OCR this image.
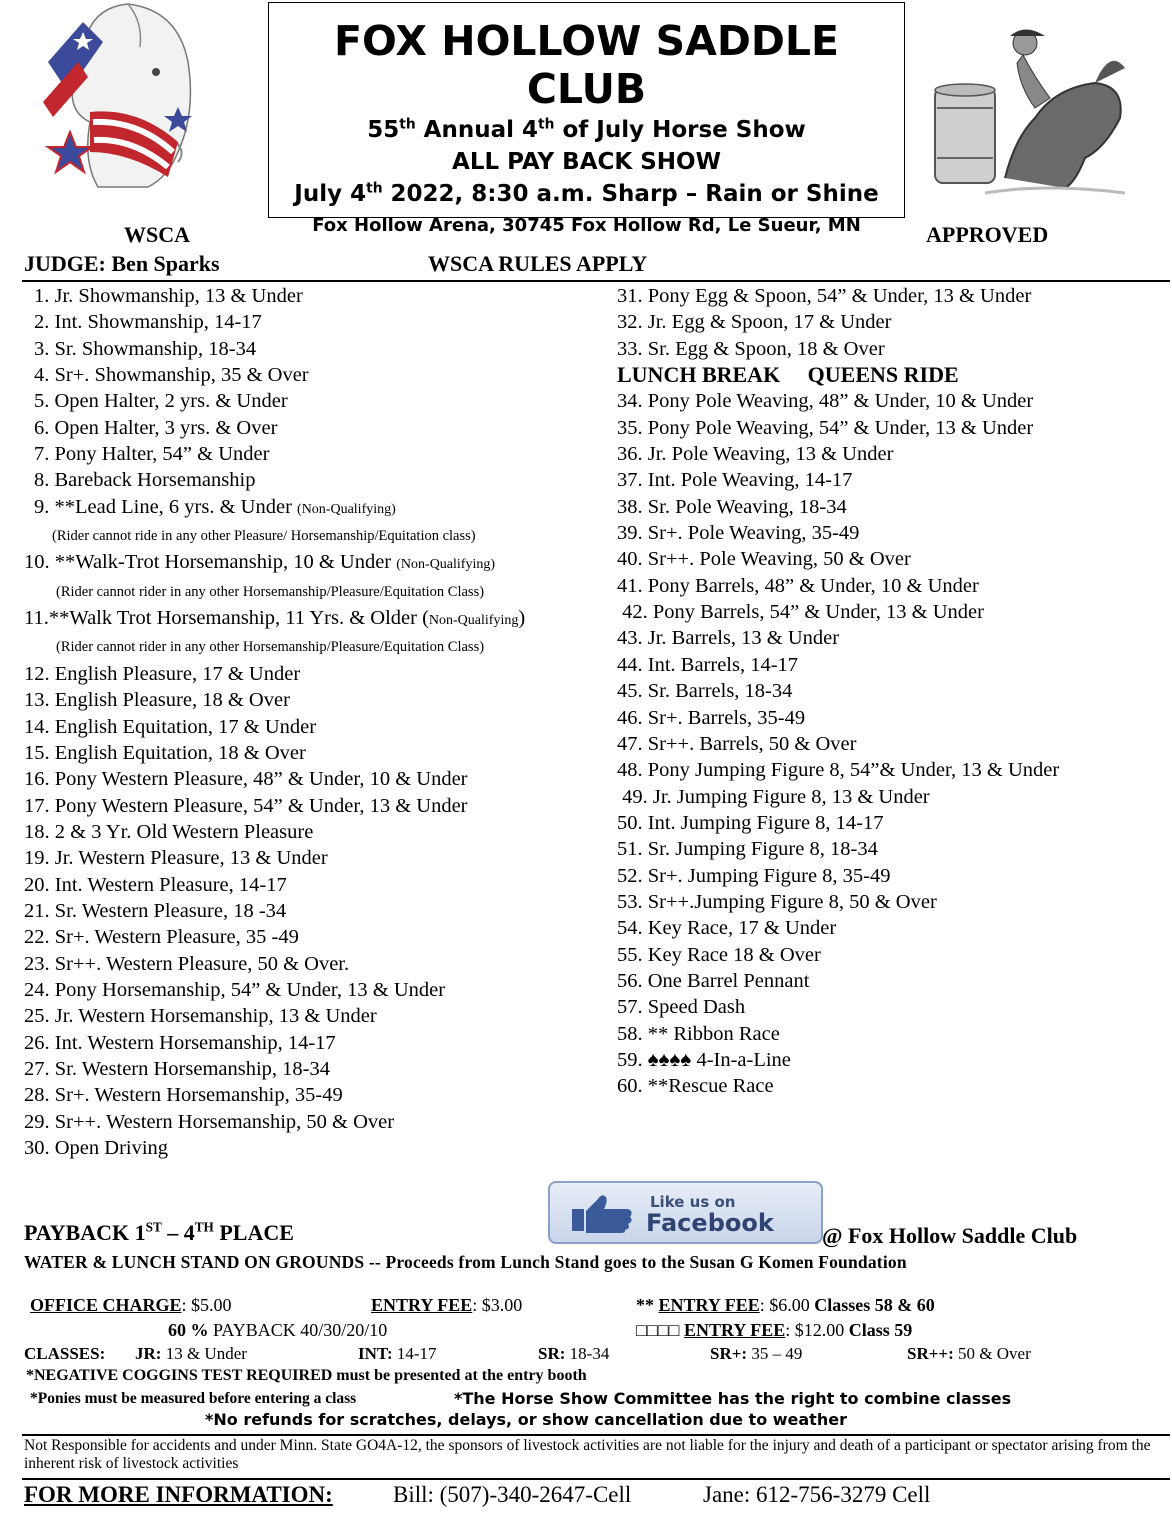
FOX HOLLOW SADDLE CLUB
55th Annual 4th of July Horse Show
ALL PAY BACK SHOW
July 4th 2022, 8:30 a.m. Sharp – Rain or Shine
Fox Hollow Arena, 30745 Fox Hollow Rd, Le Sueur, MN
WSCA	APPROVED
JUDGE: Ben Sparks	WSCA RULES APPLY
1. Jr. Showmanship, 13 & Under
2. Int. Showmanship, 14-17
3. Sr. Showmanship, 18-34
4. Sr+. Showmanship, 35 & Over
5. Open Halter, 2 yrs. & Under
6. Open Halter, 3 yrs. & Over
7. Pony Halter, 54” & Under
8. Bareback Horsemanship
9. **Lead Line, 6 yrs. & Under (Non-Qualifying)
(Rider cannot ride in any other Pleasure/ Horsemanship/Equitation class)
10. **Walk-Trot Horsemanship, 10 & Under (Non-Qualifying)
(Rider cannot rider in any other Horsemanship/Pleasure/Equitation Class)
11.**Walk Trot Horsemanship, 11 Yrs. & Older (Non-Qualifying)
(Rider cannot rider in any other Horsemanship/Pleasure/Equitation Class)
12. English Pleasure, 17 & Under
13. English Pleasure, 18 & Over
14. English Equitation, 17 & Under
15. English Equitation, 18 & Over
16. Pony Western Pleasure, 48” & Under, 10 & Under
17. Pony Western Pleasure, 54” & Under, 13 & Under
18. 2 & 3 Yr. Old Western Pleasure
19. Jr. Western Pleasure, 13 & Under
20. Int. Western Pleasure, 14-17
21. Sr. Western Pleasure, 18 -34
22. Sr+. Western Pleasure, 35 -49
23. Sr++. Western Pleasure, 50 & Over.
24. Pony Horsemanship, 54” & Under, 13 & Under
25. Jr. Western Horsemanship, 13 & Under
26. Int. Western Horsemanship, 14-17
27. Sr. Western Horsemanship, 18-34
28. Sr+. Western Horsemanship, 35-49
29. Sr++. Western Horsemanship, 50 & Over
30. Open Driving
31. Pony Egg & Spoon, 54” & Under, 13 & Under
32. Jr. Egg & Spoon, 17 & Under
33. Sr. Egg & Spoon, 18 & Over
LUNCH BREAK     QUEENS RIDE
34. Pony Pole Weaving, 48” & Under, 10 & Under
35. Pony Pole Weaving, 54” & Under, 13 & Under
36. Jr. Pole Weaving, 13 & Under
37. Int. Pole Weaving, 14-17
38. Sr. Pole Weaving, 18-34
39. Sr+. Pole Weaving, 35-49
40. Sr++. Pole Weaving, 50 & Over
41. Pony Barrels, 48” & Under, 10 & Under
42. Pony Barrels, 54” & Under, 13 & Under
43. Jr. Barrels, 13 & Under
44. Int. Barrels, 14-17
45. Sr. Barrels, 18-34
46. Sr+. Barrels, 35-49
47. Sr++. Barrels, 50 & Over
48. Pony Jumping Figure 8, 54”& Under, 13 & Under
49. Jr. Jumping Figure 8, 13 & Under
50. Int. Jumping Figure 8, 14-17
51. Sr. Jumping Figure 8, 18-34
52. Sr+. Jumping Figure 8, 35-49
53. Sr++.Jumping Figure 8, 50 & Over
54. Key Race, 17 & Under
55. Key Race 18 & Over
56. One Barrel Pennant
57. Speed Dash
58. ** Ribbon Race
59. ♠♠♠♠ 4-In-a-Line
60. **Rescue Race
Like us on
Facebook
PAYBACK 1ST – 4TH PLACE	@ Fox Hollow Saddle Club
WATER & LUNCH STAND ON GROUNDS -- Proceeds from Lunch Stand goes to the Susan G Komen Foundation
OFFICE CHARGE: $5.00	ENTRY FEE: $3.00	** ENTRY FEE: $6.00 Classes 58 & 60
60 % PAYBACK 40/30/20/10	□□□□ ENTRY FEE: $12.00 Class 59
CLASSES: JR: 13 & Under	INT: 14-17	SR: 18-34	SR+: 35 – 49	SR++: 50 & Over
*NEGATIVE COGGINS TEST REQUIRED must be presented at the entry booth
*Ponies must be measured before entering a class	*The Horse Show Committee has the right to combine classes
*No refunds for scratches, delays, or show cancellation due to weather
Not Responsible for accidents and under Minn. State GO4A-12, the sponsors of livestock activities are not liable for the injury and death of a participant or spectator arising from the inherent risk of livestock activities
FOR MORE INFORMATION:	Bill: (507)-340-2647-Cell	Jane: 612-756-3279 Cell
